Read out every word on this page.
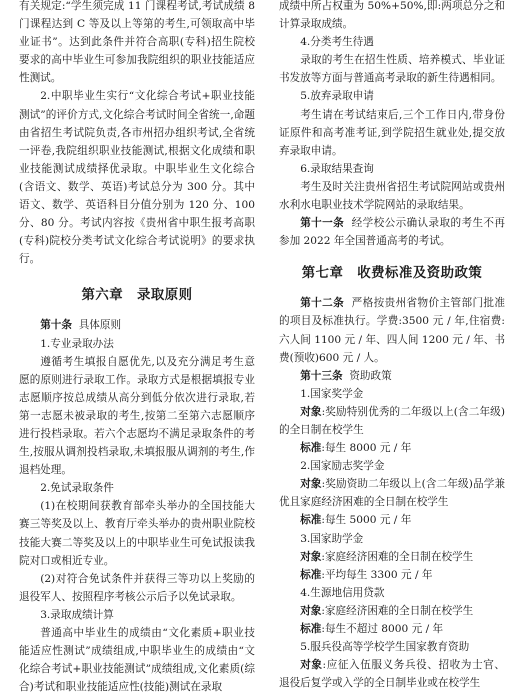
有关规定:“学生须完成 11 门课程考试,考试成绩 8 门课程达到 C 等及以上等第的考生,可领取高中毕业证书”。达到此条件并符合高职(专科)招生院校要求的高中毕业生可参加我院组织的职业技能适应性测试。

2.中职毕业生实行“文化综合考试+职业技能测试”的评价方式,文化综合考试时间全省统一,命题由省招生考试院负责,各市州招办组织考试,全省统一评卷,我院组织职业技能测试,根据文化成绩和职业技能测试成绩择优录取。中职毕业生文化综合(含语文、数学、英语)考试总分为 300 分。其中语文、数学、英语科目分值分别为 120 分、100 分、80 分。考试内容按《贵州省中职生报考高职(专科)院校分类考试文化综合考试说明》的要求执行。

第六章　录取原则

第十条 具体原则

1.专业录取办法

遵循考生填报自愿优先,以及充分满足考生意愿的原则进行录取工作。录取方式是根据填报专业志愿顺序按总成绩从高分到低分依次进行录取,若第一志愿未被录取的考生,按第二至第六志愿顺序进行投档录取。若六个志愿均不满足录取条件的考生,按服从调剂投档录取,未填报服从调剂的考生,作退档处理。

2.免试录取条件

(1)在校期间获教育部牵头举办的全国技能大赛三等奖及以上、教育厅牵头举办的贵州职业院校技能大赛二等奖及以上的中职毕业生可免试报读我院对口或相近专业。

(2)对符合免试条件并获得三等功以上奖励的退役军人、按照程序考核公示后予以免试录取。

3.录取成绩计算

普通高中毕业生的成绩由“文化素质+职业技能适应性测试”成绩组成,中职毕业生的成绩由“文化综合考试+职业技能测试”成绩组成,文化素质(综合)考试和职业技能适应性(技能)测试在录取

成绩中所占权重为 50%+50%,即:两项总分之和计算录取成绩。

4.分类考生待遇

录取的考生在招生性质、培养模式、毕业证书发放等方面与普通高考录取的新生待遇相同。

5.放弃录取申请

考生请在考试结束后,三个工作日内,带身份证原件和高考准考证,到学院招生就业处,提交放弃录取申请。

6.录取结果查询

考生及时关注贵州省招生考试院网站或贵州水利水电职业技术学院网站的录取结果。

第十一条 经学校公示确认录取的考生不再参加 2022 年全国普通高考的考试。

第七章　收费标准及资助政策

第十二条 严格按贵州省物价主管部门批准的项目及标准执行。学费:3500 元 / 年,住宿费:六人间 1100 元 / 年、四人间 1200 元 / 年、书费(预收)600 元 / 人。

第十三条 资助政策

1.国家奖学金

对象:奖励特别优秀的二年级以上(含二年级)的全日制在校学生

标准:每生 8000 元 / 年

2.国家励志奖学金

对象:奖励资助二年级以上(含二年级)品学兼优且家庭经济困难的全日制在校学生

标准:每生 5000 元 / 年

3.国家助学金

对象:家庭经济困难的全日制在校学生

标准:平均每生 3300 元 / 年

4.生源地信用贷款

对象:家庭经济困难的全日制在校学生

标准:每生不超过 8000 元 / 年

5.服兵役高等学校学生国家教育资助

对象:应征入伍服义务兵役、招收为士官、退役后复学或入学的全日制毕业或在校学生
